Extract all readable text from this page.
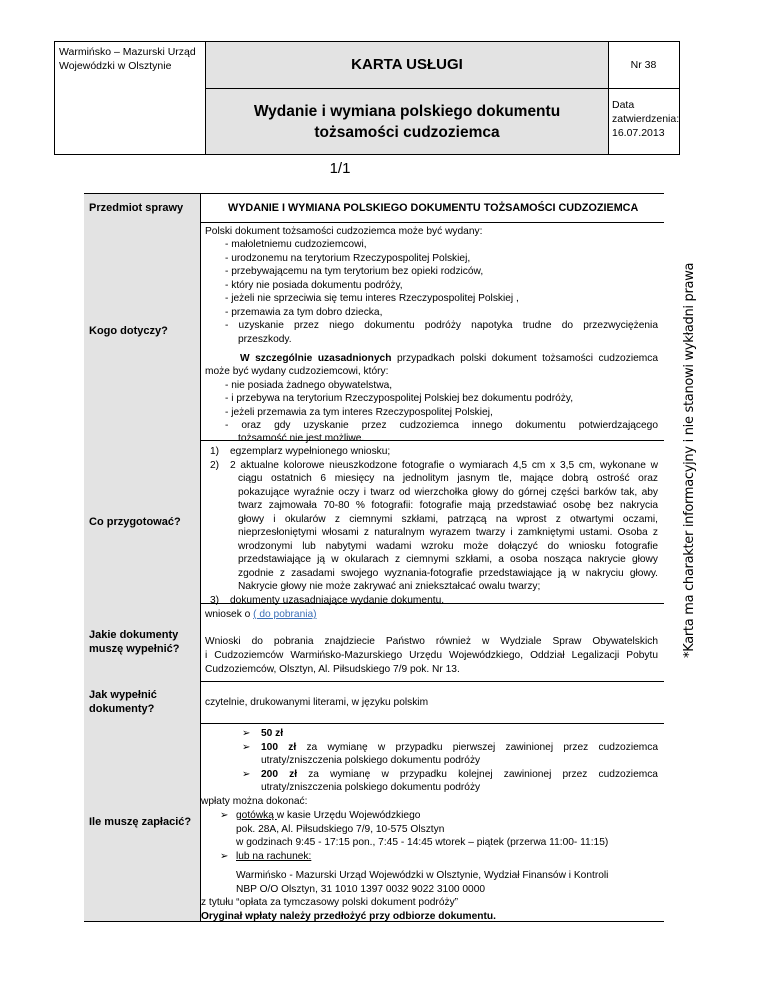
Warmińsko – Mazurski Urząd
Wojewódzki w Olsztynie	KARTA USŁUGI
Wydanie i wymiana polskiego dokumentu
tożsamości cudzoziemca
Nr 38
Data zatwierdzenia:
16.07.2013
1/1
Przedmiot sprawy	WYDANIE I WYMIANA POLSKIEGO DOKUMENTU TOŻSAMOŚCI CUDZOZIEMCA
Kogo dotyczy?
Polski dokument tożsamości cudzoziemca może być wydany:
- małoletniemu cudzoziemcowi,
- urodzonemu na terytorium Rzeczypospolitej Polskiej,
- przebywającemu na tym terytorium bez opieki rodziców,
- który nie posiada dokumentu podróży,
- jeżeli nie sprzeciwia się temu interes Rzeczypospolitej Polskiej ,
- przemawia za tym dobro dziecka,
- uzyskanie przez niego dokumentu podróży napotyka trudne do przezwyciężenia
przeszkody.
W szczególnie uzasadnionych przypadkach polski dokument tożsamości cudzoziemca
może być wydany cudzoziemcowi, który:
- nie posiada żadnego obywatelstwa,
- i przebywa na terytorium Rzeczypospolitej Polskiej bez dokumentu podróży,
- jeżeli przemawia za tym interes Rzeczypospolitej Polskiej,
- oraz gdy uzyskanie przez cudzoziemca innego dokumentu potwierdzającego
tożsamość nie jest możliwe.
Co przygotować?
1) egzemplarz wypełnionego wniosku;
2) 2 aktualne kolorowe nieuszkodzone fotografie o wymiarach 4,5 cm x 3,5 cm, wykonane w
ciągu ostatnich 6 miesięcy na jednolitym jasnym tle, mające dobrą ostrość oraz
pokazujące wyraźnie oczy i twarz od wierzchołka głowy do górnej części barków tak, aby
twarz zajmowała 70-80 % fotografii: fotografie mają przedstawiać osobę bez nakrycia
głowy i okularów z ciemnymi szkłami, patrzącą na wprost z otwartymi oczami,
nieprzesłoniętymi włosami z naturalnym wyrazem twarzy i zamkniętymi ustami. Osoba z
wrodzonymi lub nabytymi wadami wzroku może dołączyć do wniosku fotografie
przedstawiające ją w okularach z ciemnymi szkłami, a osoba nosząca nakrycie głowy
zgodnie z zasadami swojego wyznania-fotografie przedstawiające ją w nakryciu głowy.
Nakrycie głowy nie może zakrywać ani zniekształcać owalu twarzy;
3) dokumenty uzasadniające wydanie dokumentu.
Jakie dokumenty
muszę wypełnić?
wniosek o ( do pobrania)
Wnioski do pobrania znajdziecie Państwo również w Wydziale Spraw Obywatelskich
i Cudzoziemców Warmińsko-Mazurskiego Urzędu Wojewódzkiego, Oddział Legalizacji Pobytu
Cudzoziemców, Olsztyn, Al. Piłsudskiego 7/9 pok. Nr 13.
Jak wypełnić
dokumenty?
czytelnie, drukowanymi literami, w języku polskim
Ile muszę zapłacić?
➢ 50 zł
➢ 100 zł za wymianę w przypadku pierwszej zawinionej przez cudzoziemca
utraty/zniszczenia polskiego dokumentu podróży
➢ 200 zł za wymianę w przypadku kolejnej zawinionej przez cudzoziemca
utraty/zniszczenia polskiego dokumentu podróży
wpłaty można dokonać:
➢ gotówką w kasie Urzędu Wojewódzkiego
pok. 28A, Al. Piłsudskiego 7/9, 10-575 Olsztyn
w godzinach 9:45 - 17:15 pon., 7:45 - 14:45 wtorek – piątek (przerwa 11:00- 11:15)
➢ lub na rachunek:
Warmińsko - Mazurski Urząd Wojewódzki w Olsztynie, Wydział Finansów i Kontroli
NBP O/O Olsztyn, 31 1010 1397 0032 9022 3100 0000
z tytułu “opłata za tymczasowy polski dokument podróży”
Oryginał wpłaty należy przedłożyć przy odbiorze dokumentu.
*Karta ma charakter informacyjny i nie stanowi wykładni prawa
